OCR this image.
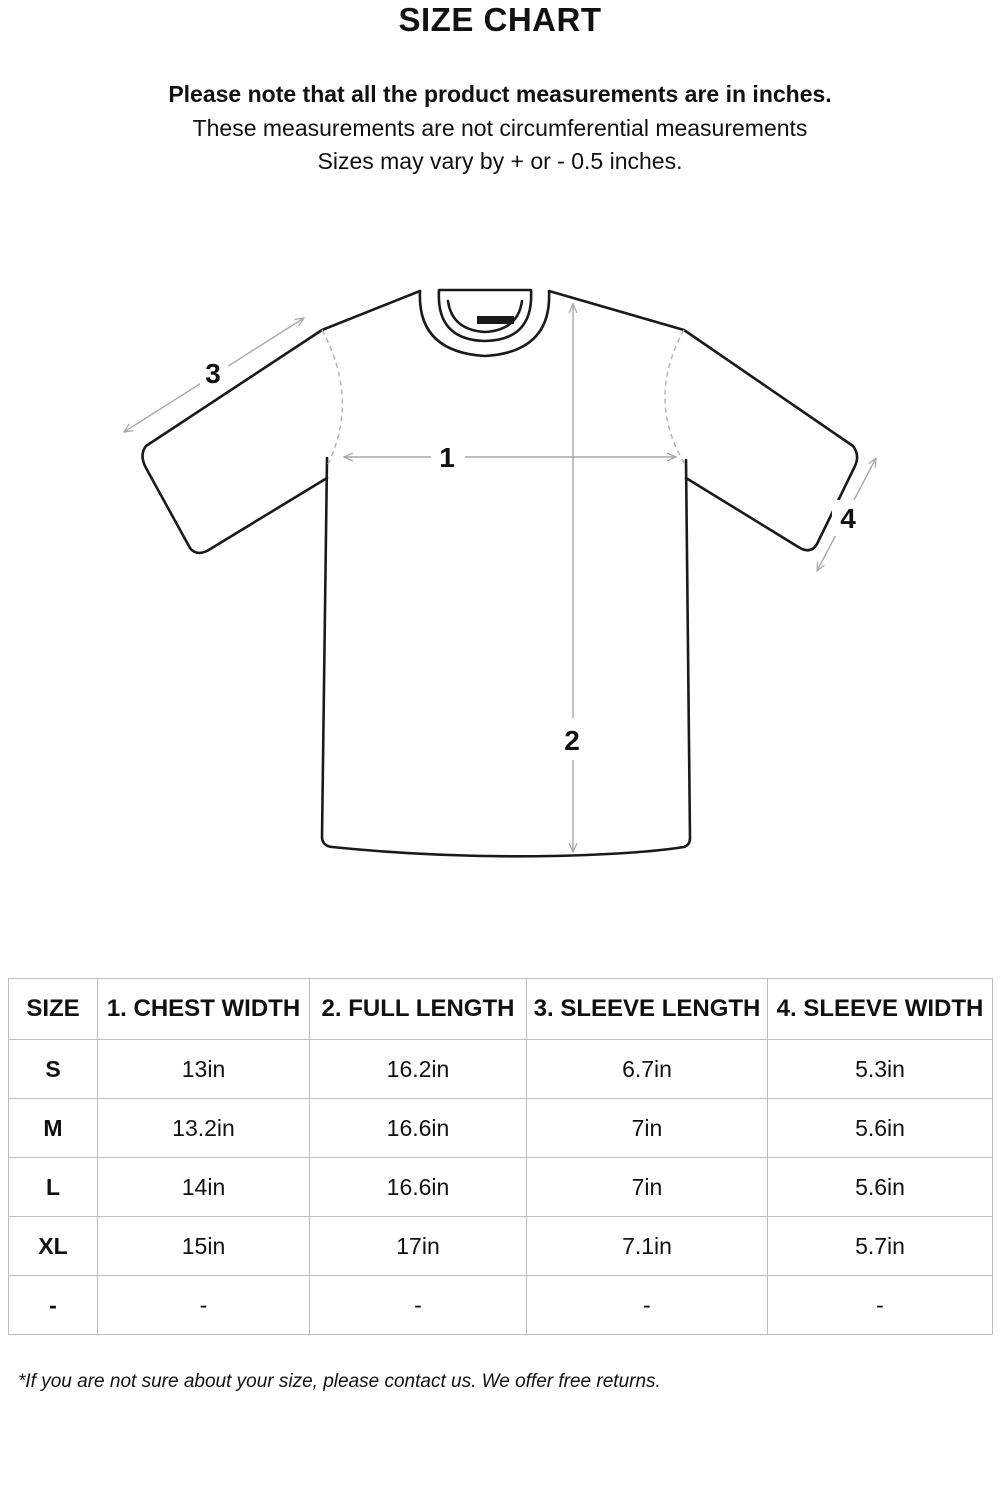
SIZE CHART
Please note that all the product measurements are in inches.
These measurements are not circumferential measurements
Sizes may vary by + or - 0.5 inches.
1
2
3
4
SIZE	1. CHEST WIDTH	2. FULL LENGTH	3. SLEEVE LENGTH	4. SLEEVE WIDTH
S	13in	16.2in	6.7in	5.3in
M	13.2in	16.6in	7in	5.6in
L	14in	16.6in	7in	5.6in
XL	15in	17in	7.1in	5.7in
-	-	-	-	-
*If you are not sure about your size, please contact us. We offer free returns.
